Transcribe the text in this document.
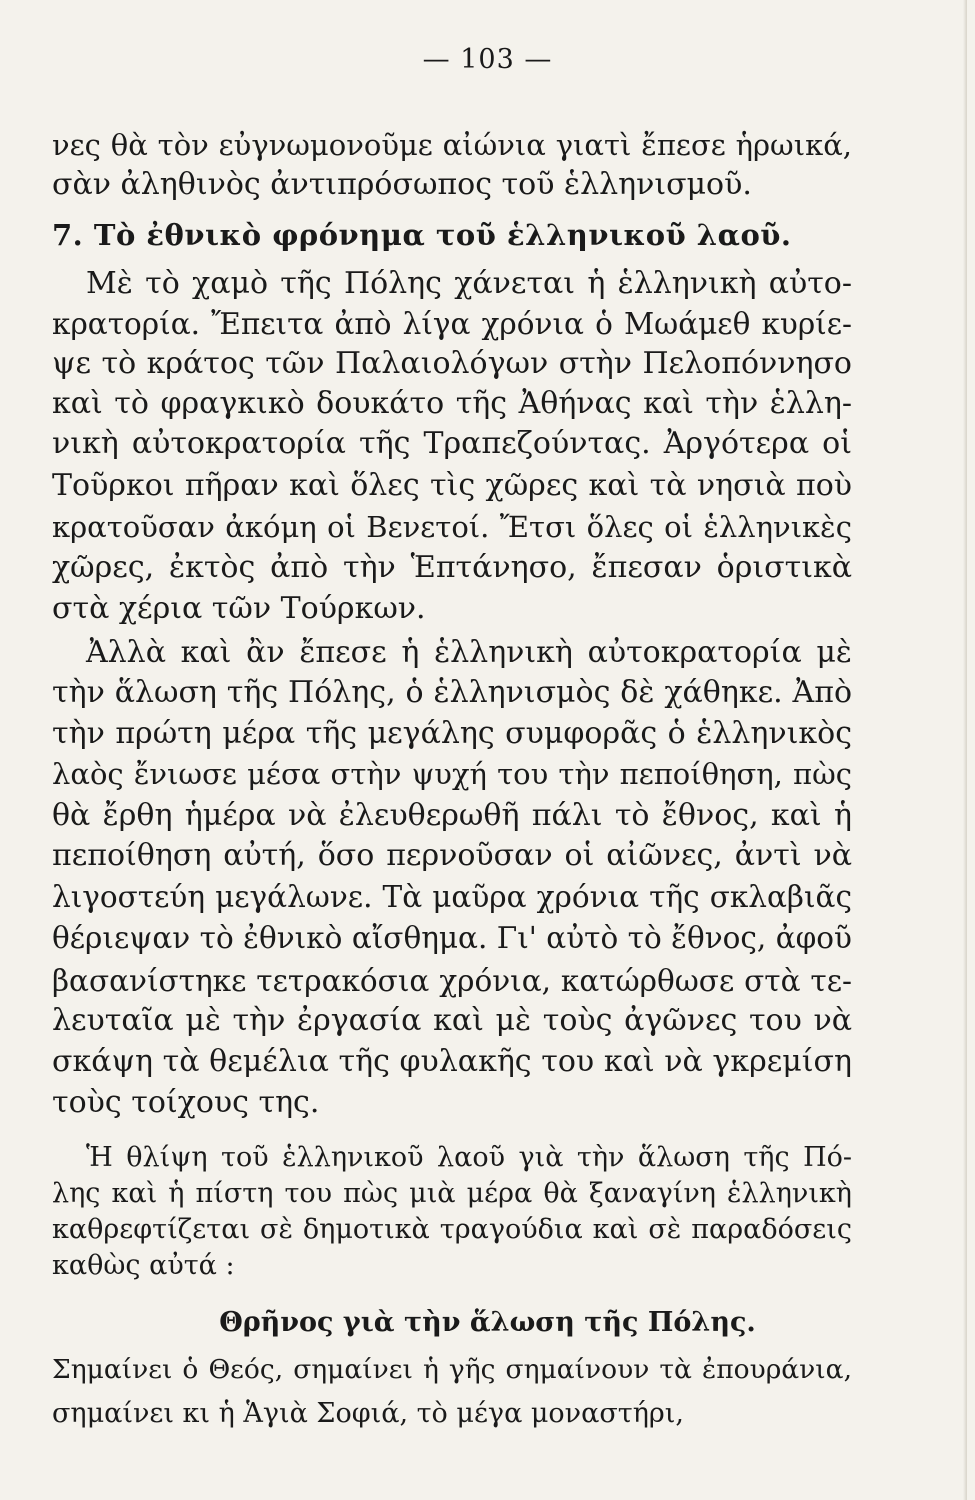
— 103 —
νες θὰ τὸν εὐγνωμονοῦμε αἰώνια γιατὶ ἔπεσε ἡρωικά,
σὰν ἀληθινὸς ἀντιπρόσωπος τοῦ ἑλληνισμοῦ.
7. Τὸ ἐθνικὸ φρόνημα τοῦ ἑλληνικοῦ λαοῦ.
Μὲ τὸ χαμὸ τῆς Πόλης χάνεται ἡ ἑλληνικὴ αὐτο-
κρατορία. Ἔπειτα ἀπὸ λίγα χρόνια ὁ Μωάμεθ κυρίε-
ψε τὸ κράτος τῶν Παλαιολόγων στὴν Πελοπόννησο
καὶ τὸ φραγκικὸ δουκάτο τῆς Ἀθήνας καὶ τὴν ἑλλη-
νικὴ αὐτοκρατορία τῆς Τραπεζούντας. Ἀργότερα οἱ
Τοῦρκοι πῆραν καὶ ὅλες τὶς χῶρες καὶ τὰ νησιὰ ποὺ
κρατοῦσαν ἀκόμη οἱ Βενετοί. Ἔτσι ὅλες οἱ ἑλληνικὲς
χῶρες, ἐκτὸς ἀπὸ τὴν Ἑπτάνησο, ἔπεσαν ὁριστικὰ
στὰ χέρια τῶν Τούρκων.
Ἀλλὰ καὶ ἂν ἔπεσε ἡ ἑλληνικὴ αὐτοκρατορία μὲ
τὴν ἅλωση τῆς Πόλης, ὁ ἑλληνισμὸς δὲ χάθηκε. Ἀπὸ
τὴν πρώτη μέρα τῆς μεγάλης συμφορᾶς ὁ ἑλληνικὸς
λαὸς ἔνιωσε μέσα στὴν ψυχή του τὴν πεποίθηση, πὼς
θὰ ἔρθη ἡμέρα νὰ ἐλευθερωθῆ πάλι τὸ ἔθνος, καὶ ἡ
πεποίθηση αὐτή, ὅσο περνοῦσαν οἱ αἰῶνες, ἀντὶ νὰ
λιγοστεύη μεγάλωνε. Τὰ μαῦρα χρόνια τῆς σκλαβιᾶς
θέριεψαν τὸ ἐθνικὸ αἴσθημα. Γι' αὐτὸ τὸ ἔθνος, ἀφοῦ
βασανίστηκε τετρακόσια χρόνια, κατώρθωσε στὰ τε-
λευταῖα μὲ τὴν ἐργασία καὶ μὲ τοὺς ἀγῶνες του νὰ
σκάψη τὰ θεμέλια τῆς φυλακῆς του καὶ νὰ γκρεμίση
τοὺς τοίχους της.
Ἡ θλίψη τοῦ ἑλληνικοῦ λαοῦ γιὰ τὴν ἅλωση τῆς Πό-
λης καὶ ἡ πίστη του πὼς μιὰ μέρα θὰ ξαναγίνη ἑλληνικὴ
καθρεφτίζεται σὲ δημοτικὰ τραγούδια καὶ σὲ παραδόσεις
καθὼς αὐτά :
Θρῆνος γιὰ τὴν ἅλωση τῆς Πόλης.
Σημαίνει ὁ Θεός, σημαίνει ἡ γῆς σημαίνουν τὰ ἐπουράνια,
σημαίνει κι ἡ Ἁγιὰ Σοφιά, τὸ μέγα μοναστήρι,
